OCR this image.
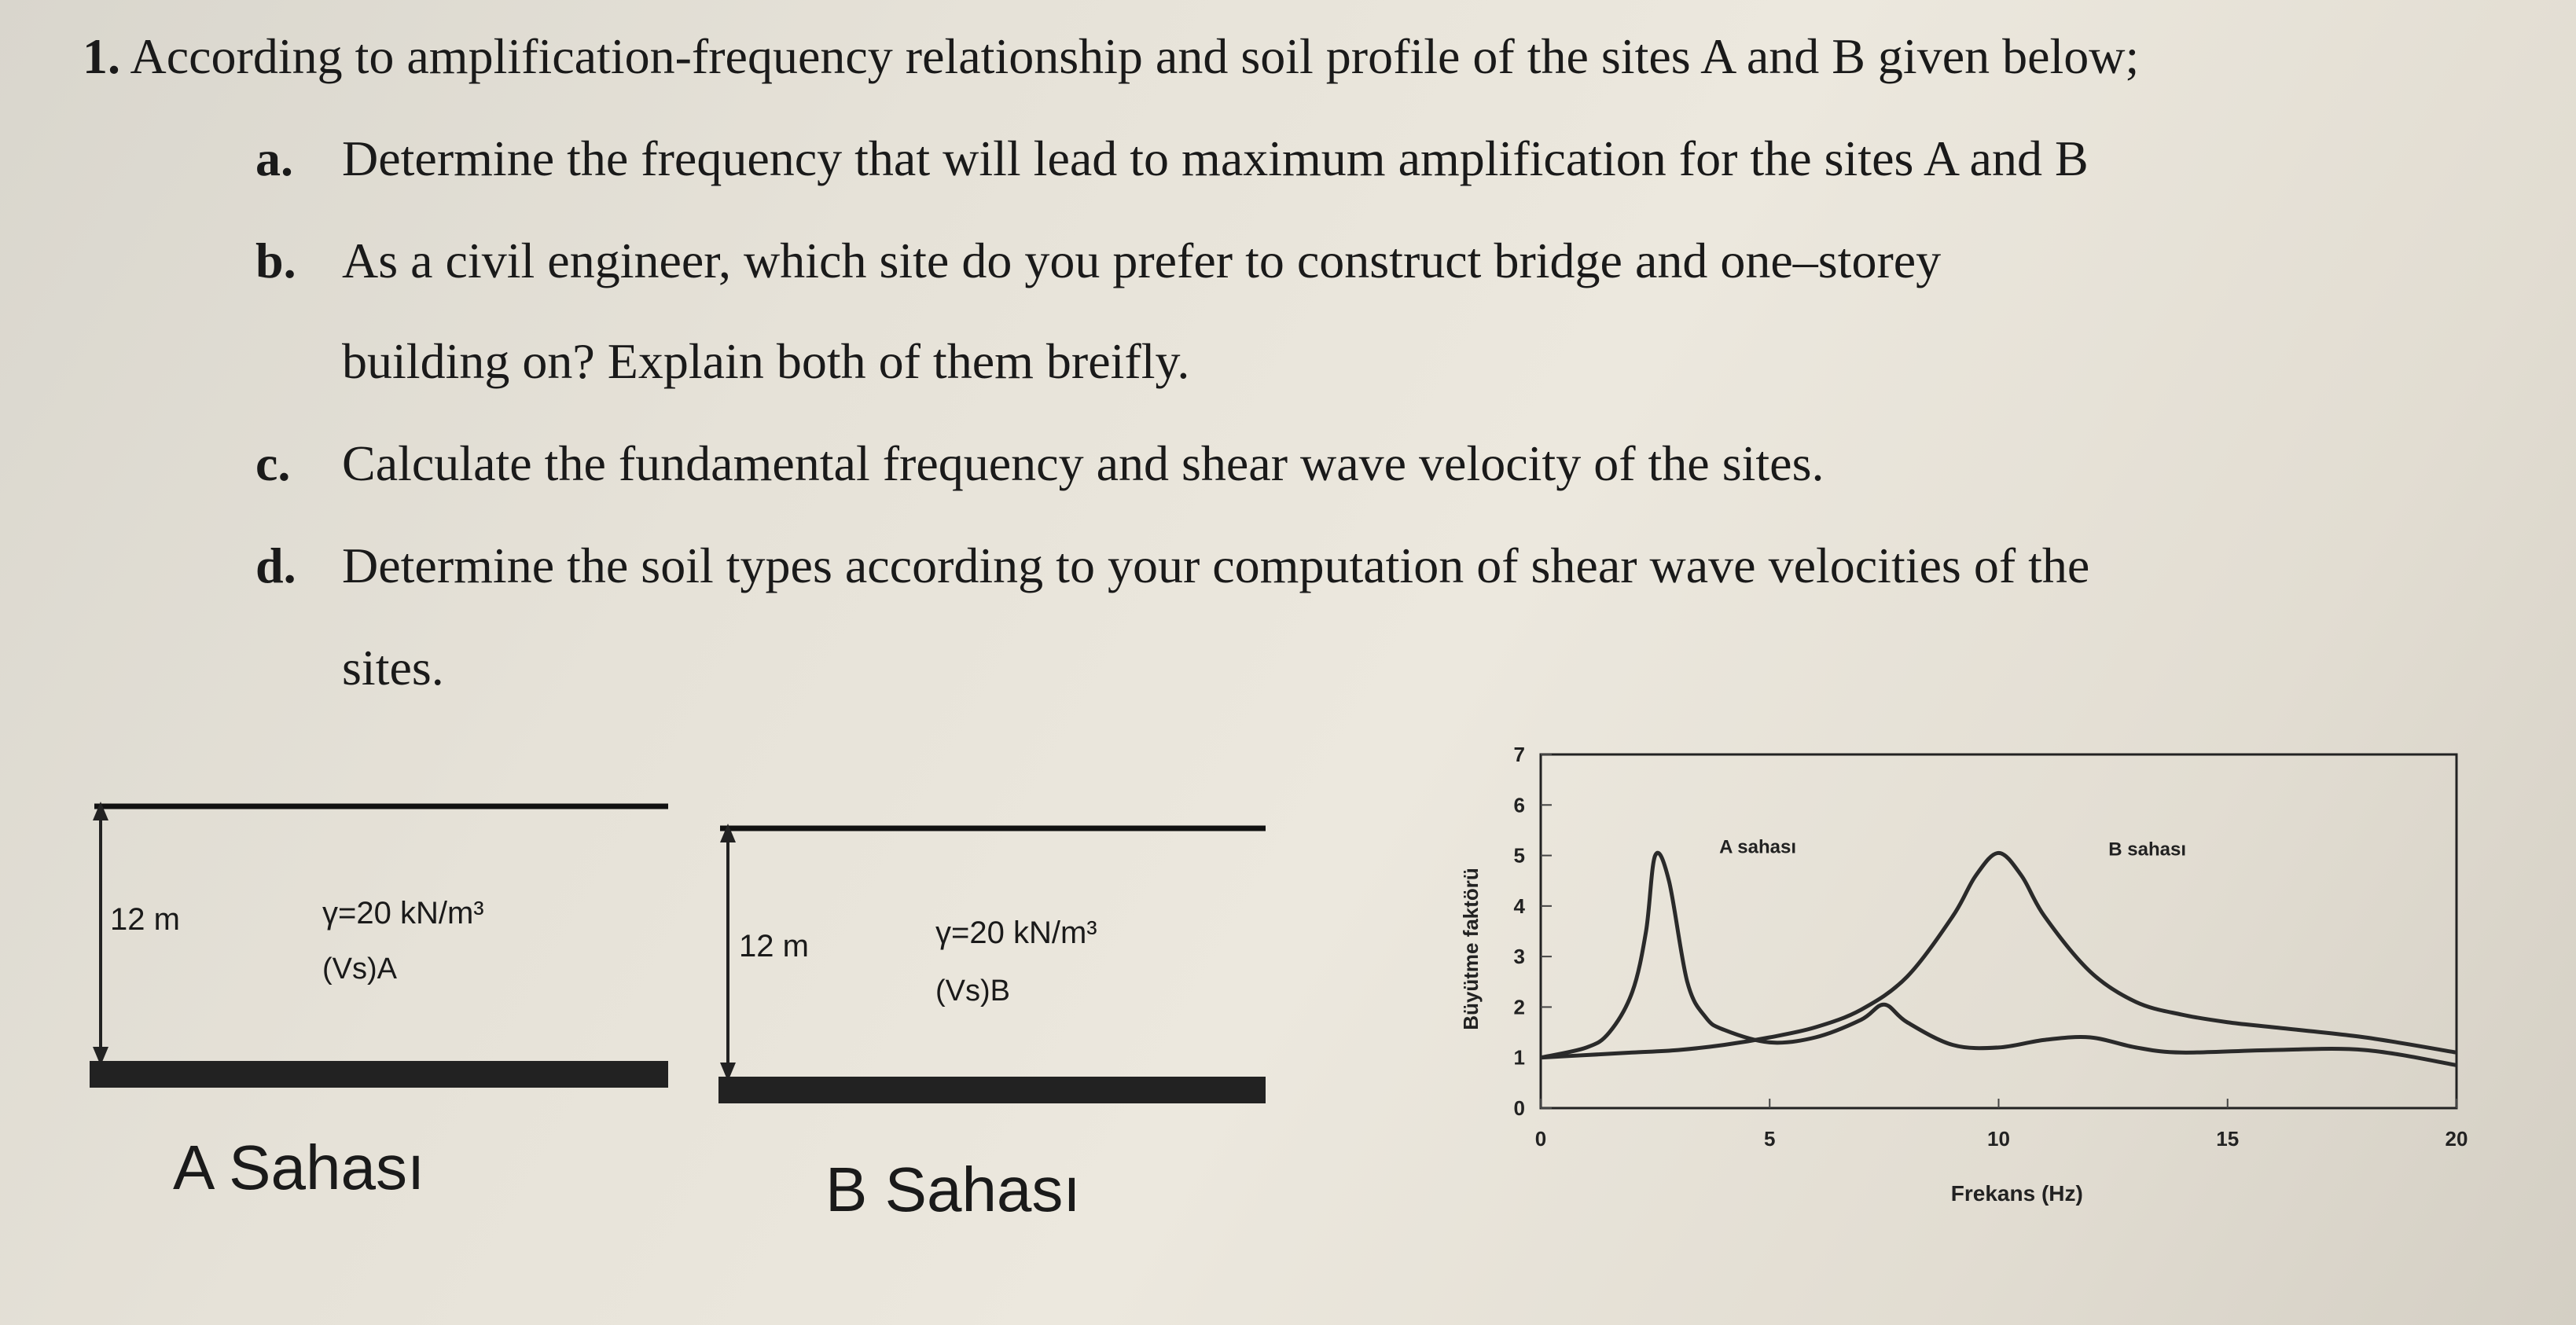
1. According to amplification-frequency relationship and soil profile of the sites A and B given below;
a. Determine the frequency that will lead to maximum amplification for the sites A and B
b. As a civil engineer, which site do you prefer to construct bridge and one–storey
building on? Explain both of them breifly.
c. Calculate the fundamental frequency and shear wave velocity of the sites.
d. Determine the soil types according to your computation of shear wave velocities of the
sites.
12 m	γ=20 kN/m³
(Vs)A
A Sahası
12 m	γ=20 kN/m³
(Vs)B
B Sahası
0
1
2
3
4
5
6
7
0	5	10	15	20
Büyütme faktörü
Frekans (Hz)
A sahası	B sahası
